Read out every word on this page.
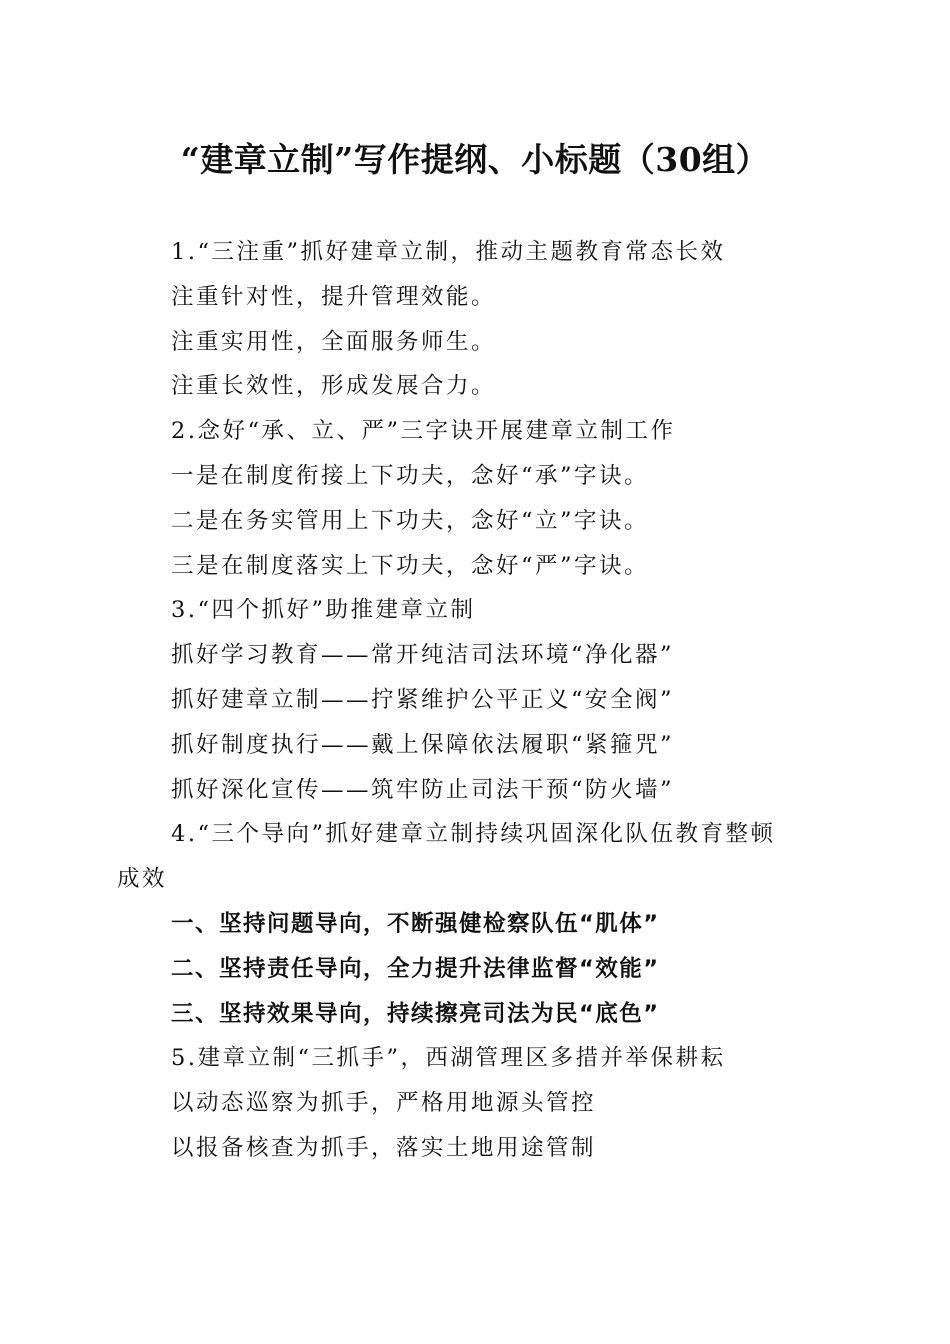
“建章立制”写作提纲、小标题（30组）
1.“三注重”抓好建章立制，推动主题教育常态长效
注重针对性，提升管理效能。
注重实用性，全面服务师生。
注重长效性，形成发展合力。
2.念好“承、立、严”三字诀开展建章立制工作
一是在制度衔接上下功夫，念好“承”字诀。
二是在务实管用上下功夫，念好“立”字诀。
三是在制度落实上下功夫，念好“严”字诀。
3.“四个抓好”助推建章立制
抓好学习教育——常开纯洁司法环境“净化器”
抓好建章立制——拧紧维护公平正义“安全阀”
抓好制度执行——戴上保障依法履职“紧箍咒”
抓好深化宣传——筑牢防止司法干预“防火墙”
4.“三个导向”抓好建章立制持续巩固深化队伍教育整顿
成效
一、坚持问题导向，不断强健检察队伍“肌体”
二、坚持责任导向，全力提升法律监督“效能”
三、坚持效果导向，持续擦亮司法为民“底色”
5.建章立制“三抓手”，西湖管理区多措并举保耕耘
以动态巡察为抓手，严格用地源头管控
以报备核查为抓手，落实土地用途管制
